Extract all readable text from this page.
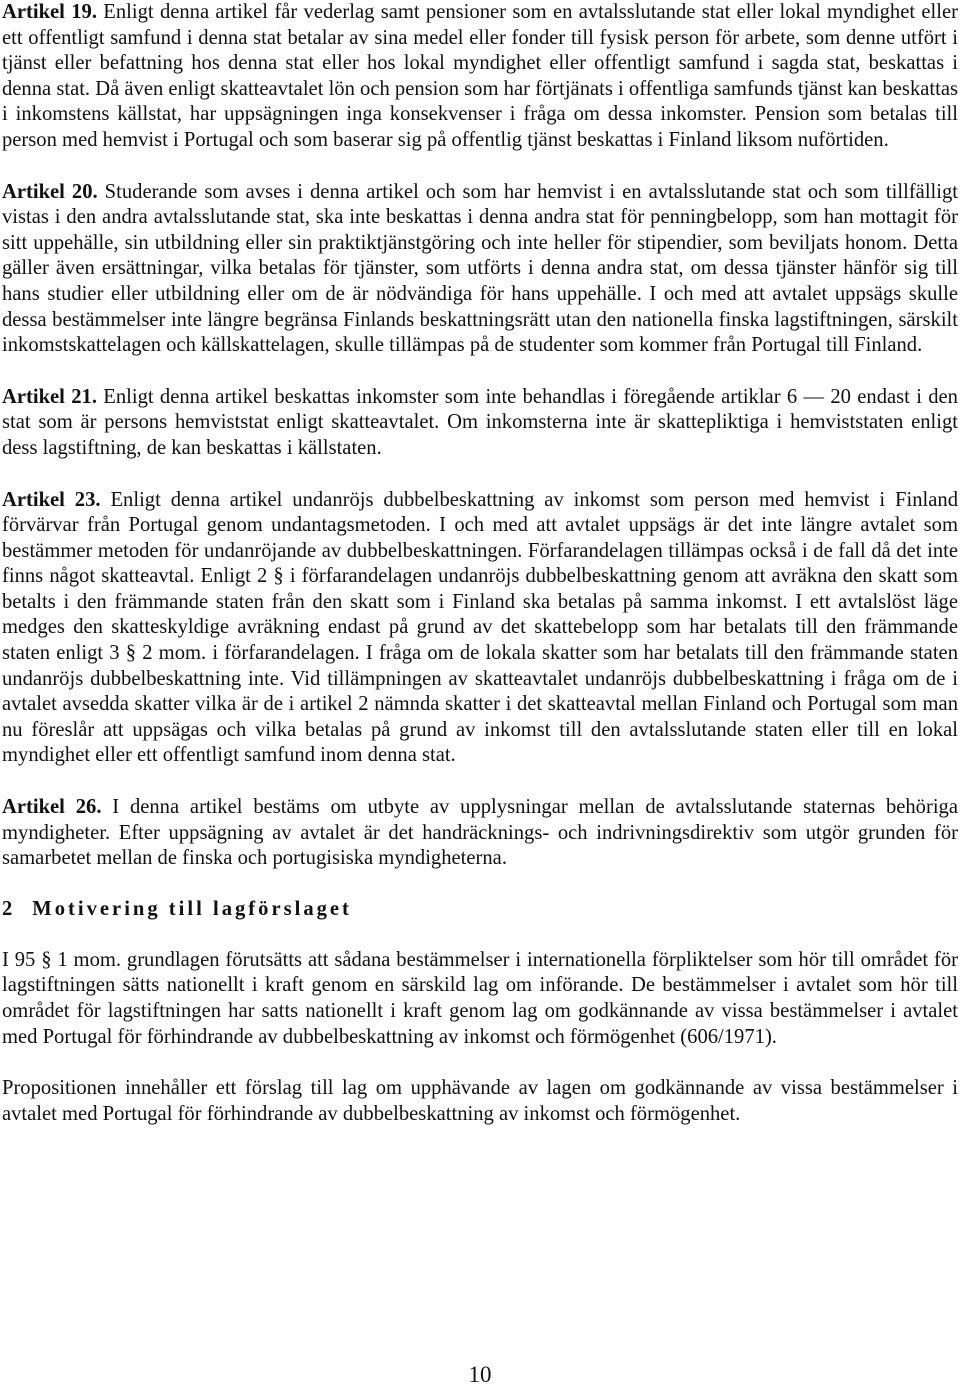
Artikel 19. Enligt denna artikel får vederlag samt pensioner som en avtalsslutande stat eller lokal myndighet eller ett offentligt samfund i denna stat betalar av sina medel eller fonder till fysisk person för arbete, som denne utfört i tjänst eller befattning hos denna stat eller hos lokal myndighet eller offentligt samfund i sagda stat, beskattas i denna stat. Då även enligt skatteavtalet lön och pension som har förtjänats i offentliga samfunds tjänst kan beskattas i inkomstens källstat, har uppsägningen inga konsekvenser i fråga om dessa inkomster. Pension som betalas till person med hemvist i Portugal och som baserar sig på offentlig tjänst beskattas i Finland liksom nuförtiden.

Artikel 20. Studerande som avses i denna artikel och som har hemvist i en avtalsslutande stat och som tillfälligt vistas i den andra avtalsslutande stat, ska inte beskattas i denna andra stat för penningbelopp, som han mottagit för sitt uppehälle, sin utbildning eller sin praktiktjänstgöring och inte heller för stipendier, som beviljats honom. Detta gäller även ersättningar, vilka betalas för tjänster, som utförts i denna andra stat, om dessa tjänster hänför sig till hans studier eller utbildning eller om de är nödvändiga för hans uppehälle. I och med att avtalet uppsägs skulle dessa bestämmelser inte längre begränsa Finlands beskattningsrätt utan den nationella finska lagstiftningen, särskilt inkomstskattelagen och källskattelagen, skulle tillämpas på de studenter som kommer från Portugal till Finland.

Artikel 21. Enligt denna artikel beskattas inkomster som inte behandlas i föregående artiklar 6 — 20 endast i den stat som är persons hemviststat enligt skatteavtalet. Om inkomsterna inte är skattepliktiga i hemviststaten enligt dess lagstiftning, de kan beskattas i källstaten.

Artikel 23. Enligt denna artikel undanröjs dubbelbeskattning av inkomst som person med hemvist i Finland förvärvar från Portugal genom undantagsmetoden. I och med att avtalet uppsägs är det inte längre avtalet som bestämmer metoden för undanröjande av dubbelbeskattningen. Förfarandelagen tillämpas också i de fall då det inte finns något skatteavtal. Enligt 2 § i förfarandelagen undanröjs dubbelbeskattning genom att avräkna den skatt som betalts i den främmande staten från den skatt som i Finland ska betalas på samma inkomst. I ett avtalslöst läge medges den skatteskyldige avräkning endast på grund av det skattebelopp som har betalats till den främmande staten enligt 3 § 2 mom. i förfarandelagen. I fråga om de lokala skatter som har betalats till den främmande staten undanröjs dubbelbeskattning inte. Vid tillämpningen av skatteavtalet undanröjs dubbelbeskattning i fråga om de i avtalet avsedda skatter vilka är de i artikel 2 nämnda skatter i det skatteavtal mellan Finland och Portugal som man nu föreslår att uppsägas och vilka betalas på grund av inkomst till den avtalsslutande staten eller till en lokal myndighet eller ett offentligt samfund inom denna stat.

Artikel 26. I denna artikel bestäms om utbyte av upplysningar mellan de avtalsslutande staternas behöriga myndigheter. Efter uppsägning av avtalet är det handräcknings- och indrivningsdirektiv som utgör grunden för samarbetet mellan de finska och portugisiska myndigheterna.

2 Motivering till lagförslaget

I 95 § 1 mom. grundlagen förutsätts att sådana bestämmelser i internationella förpliktelser som hör till området för lagstiftningen sätts nationellt i kraft genom en särskild lag om införande. De bestämmelser i avtalet som hör till området för lagstiftningen har satts nationellt i kraft genom lag om godkännande av vissa bestämmelser i avtalet med Portugal för förhindrande av dubbelbeskattning av inkomst och förmögenhet (606/1971).

Propositionen innehåller ett förslag till lag om upphävande av lagen om godkännande av vissa bestämmelser i avtalet med Portugal för förhindrande av dubbelbeskattning av inkomst och förmögenhet.

10
